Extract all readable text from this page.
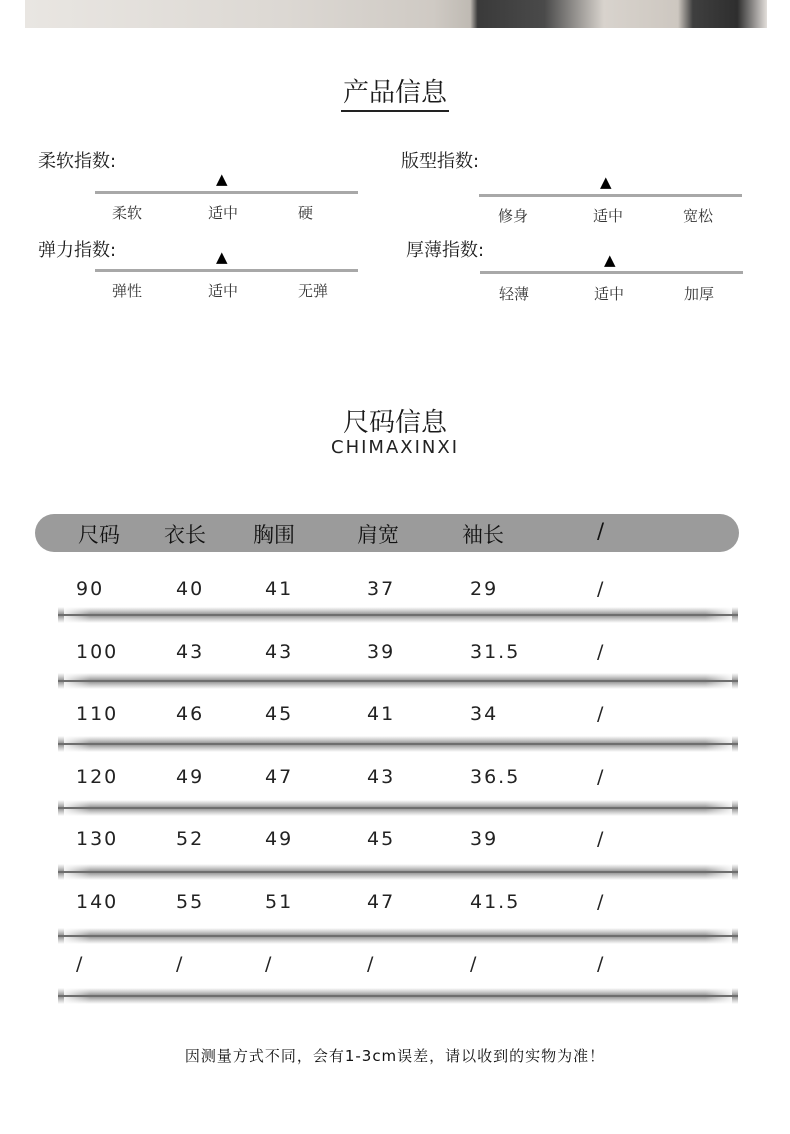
产品信息
柔软指数:
▲
柔软	适中	硬
版型指数:
▲
修身	适中	宽松
弹力指数:	▲
弹性	适中	无弹
厚薄指数:	▲
轻薄	适中	加厚
尺码信息
CHIMAXINXI
尺码 衣长 胸围	肩宽	袖长	/
90	40	41	37	29	/
100	43	43	39	31.5	/
110	46	45	41	34	/
120	49	47	43	36.5	/
130	52	49	45	39	/
140	55	51	47	41.5	/
/	/	/	/	/	/
因测量方式不同，会有1-3cm误差，请以收到的实物为准！
